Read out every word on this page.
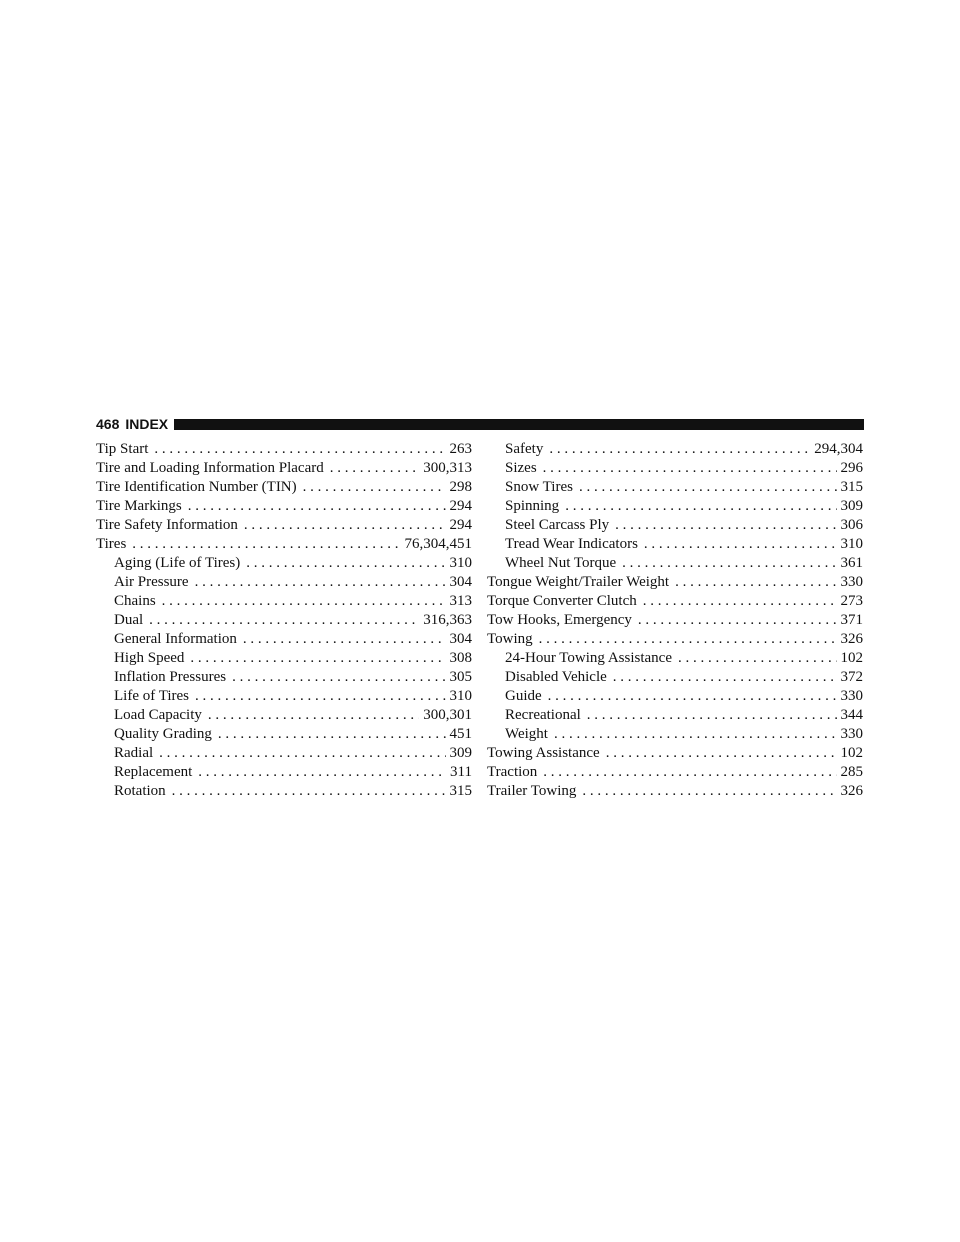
468 INDEX
Tip Start . . .	263
Tire and Loading Information Placard . . .	300,313
Tire Identification Number (TIN) . . .	298
Tire Markings . . .	294
Tire Safety Information . . .	294
Tires . . .	76,304,451
Aging (Life of Tires) . . .	310
Air Pressure . . .	304
Chains . . .	313
Dual . . .	316,363
General Information . . .	304
High Speed . . .	308
Inflation Pressures . . .	305
Life of Tires . . .	310
Load Capacity . . .	300,301
Quality Grading . . .	451
Radial . . .	309
Replacement . . .	311
Rotation . . .	315
Safety . . .	294,304
Sizes . . .	296
Snow Tires . . .	315
Spinning . . .	309
Steel Carcass Ply . . .	306
Tread Wear Indicators . . .	310
Wheel Nut Torque . . .	361
Tongue Weight/Trailer Weight . . .	330
Torque Converter Clutch . . .	273
Tow Hooks, Emergency . . .	371
Towing . . .	326
24-Hour Towing Assistance . . .	102
Disabled Vehicle . . .	372
Guide . . .	330
Recreational . . .	344
Weight . . .	330
Towing Assistance . . .	102
Traction . . .	285
Trailer Towing . . .	326
